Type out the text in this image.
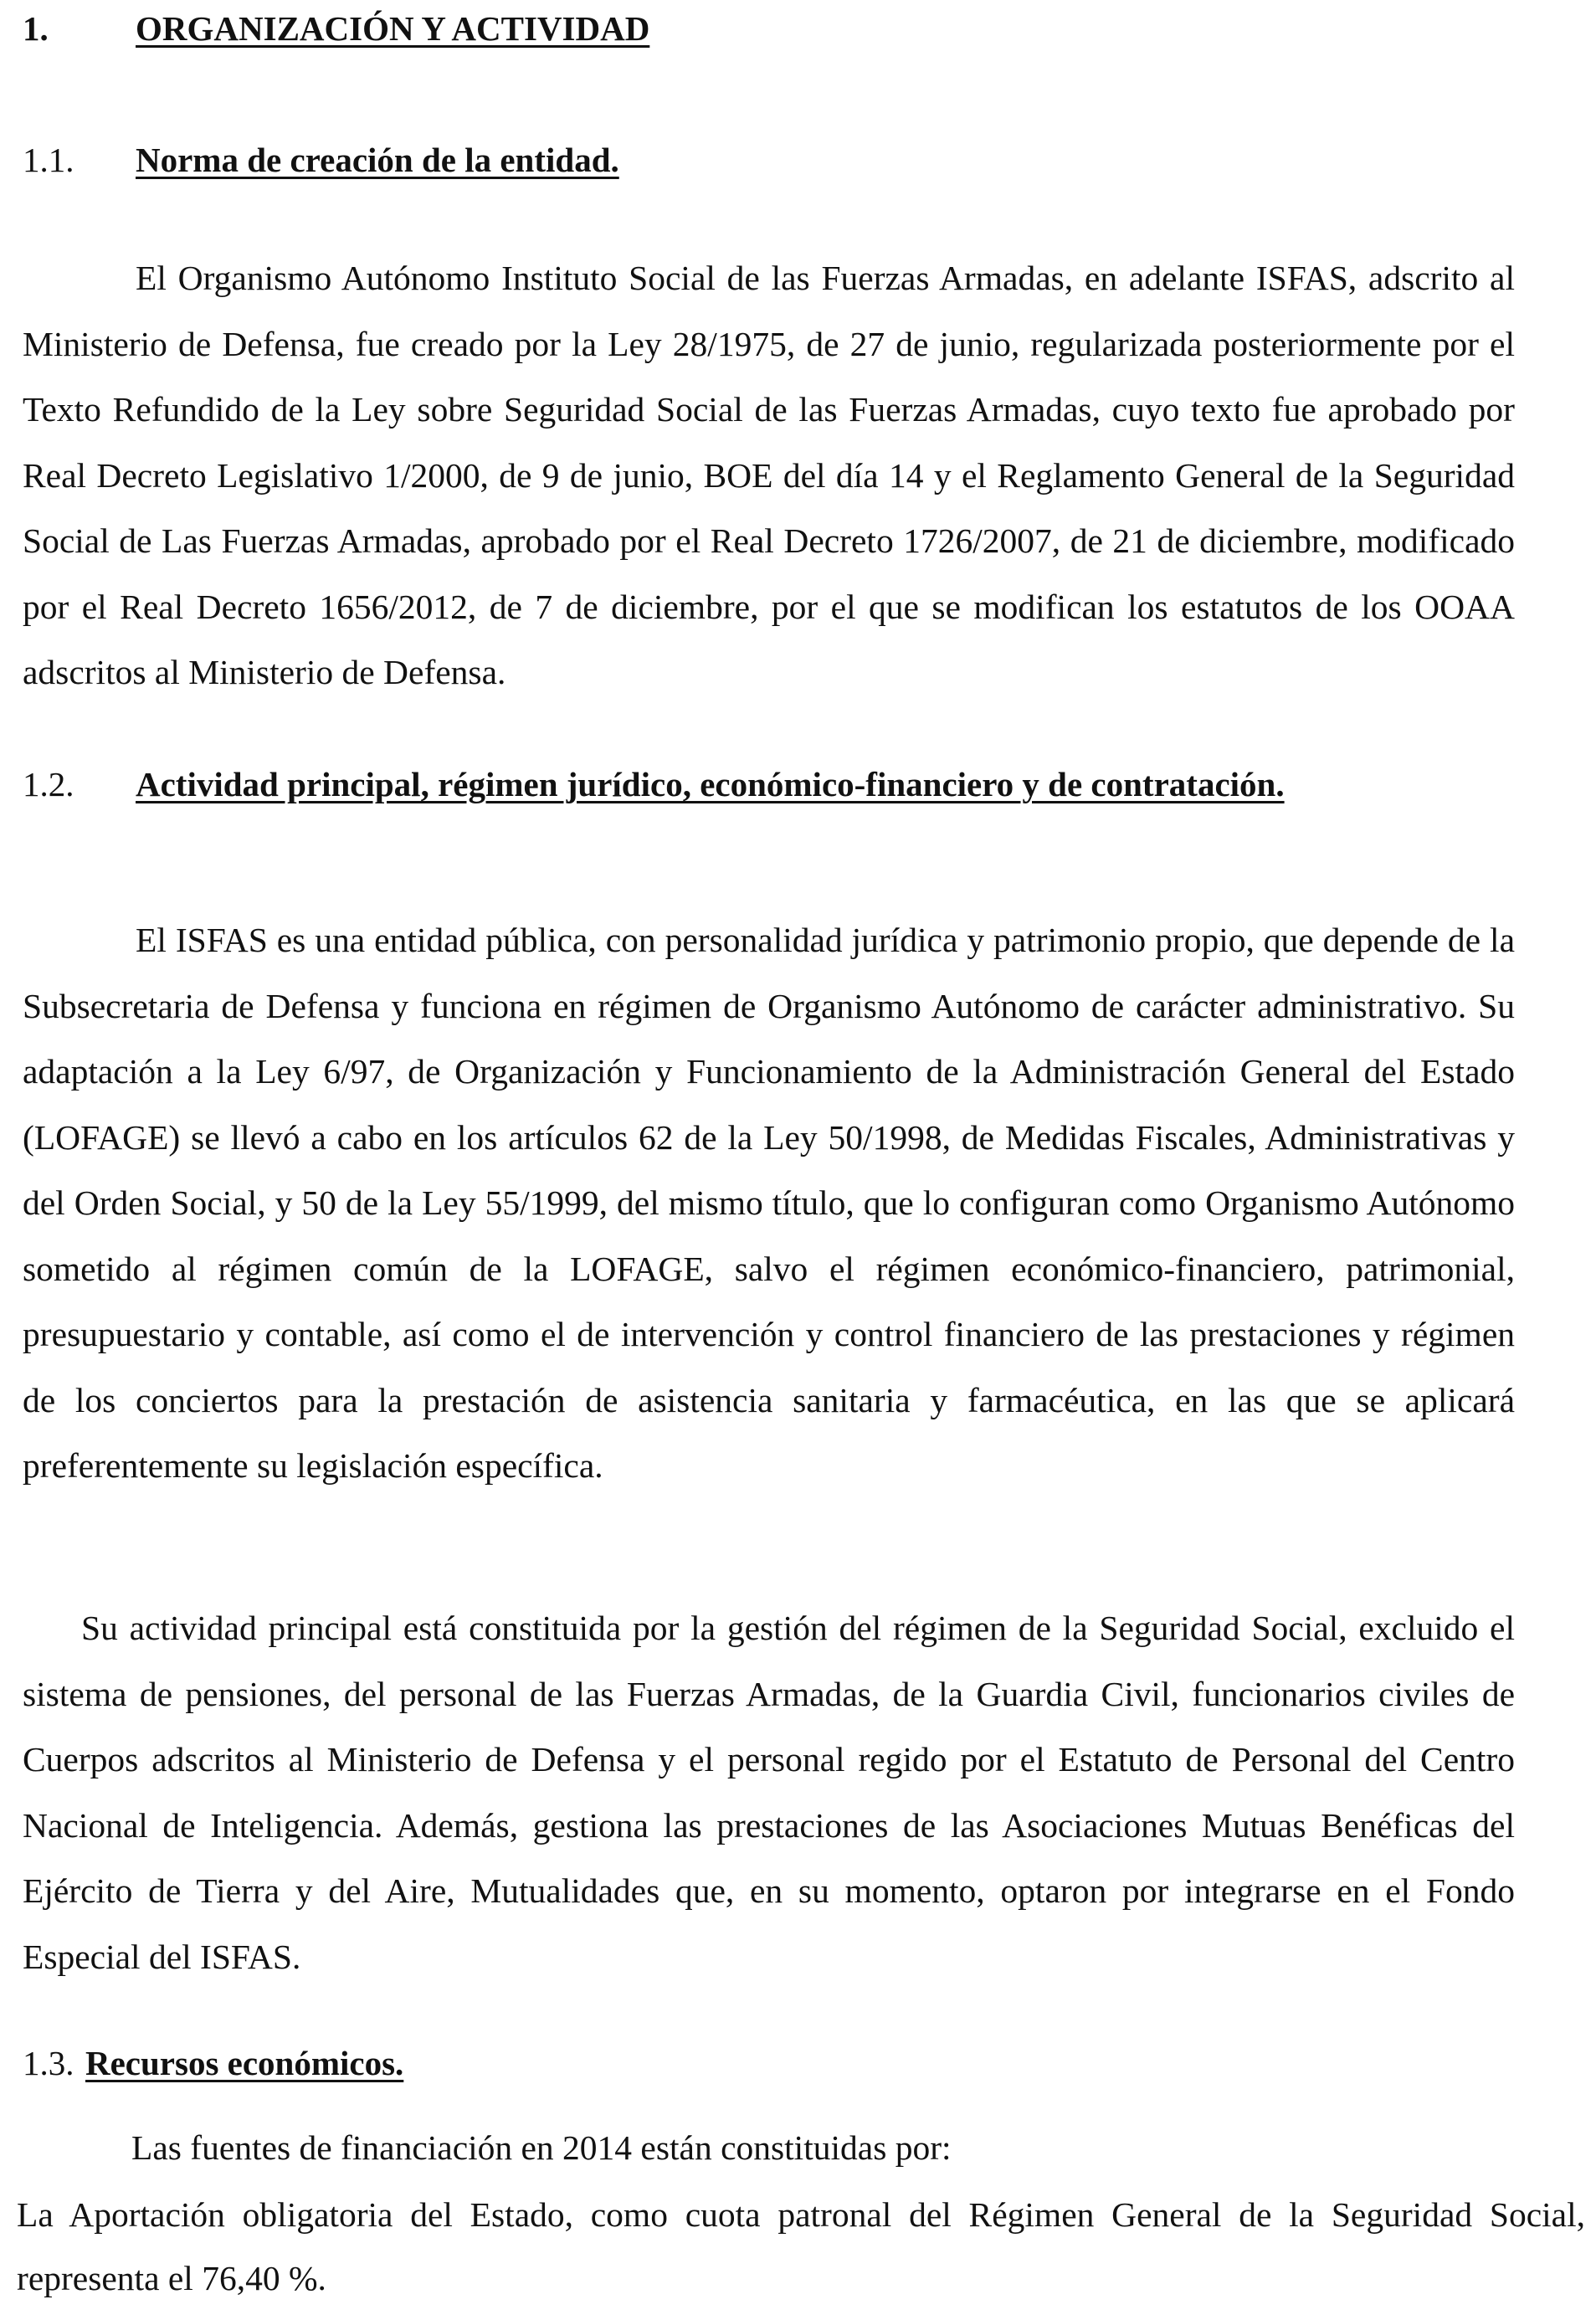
1.	ORGANIZACIÓN Y ACTIVIDAD
1.1. Norma de creación de la entidad.

El Organismo Autónomo Instituto Social de las Fuerzas Armadas, en adelante ISFAS, adscrito al Ministerio de Defensa, fue creado por la Ley 28/1975, de 27 de junio, regularizada posteriormente por el Texto Refundido de la Ley sobre Seguridad Social de las Fuerzas Armadas, cuyo texto fue aprobado por Real Decreto Legislativo 1/2000, de 9 de junio, BOE del día 14 y el Reglamento General de la Seguridad Social de Las Fuerzas Armadas, aprobado por el Real Decreto 1726/2007, de 21 de diciembre, modificado por el Real Decreto 1656/2012, de 7 de diciembre, por el que se modifican los estatutos de los OOAA adscritos al Ministerio de Defensa.

1.2. Actividad principal, régimen jurídico, económico-financiero y de contratación.

El ISFAS es una entidad pública, con personalidad jurídica y patrimonio propio, que depende de la Subsecretaria de Defensa y funciona en régimen de Organismo Autónomo de carácter administrativo. Su adaptación a la Ley 6/97, de Organización y Funcionamiento de la Administración General del Estado (LOFAGE) se llevó a cabo en los artículos 62 de la Ley 50/1998, de Medidas Fiscales, Administrativas y del Orden Social, y 50 de la Ley 55/1999, del mismo título, que lo configuran como Organismo Autónomo sometido al régimen común de la LOFAGE, salvo el régimen económico-financiero, patrimonial, presupuestario y contable, así como el de intervención y control financiero de las prestaciones y régimen de los conciertos para la prestación de asistencia sanitaria y farmacéutica, en las que se aplicará preferentemente su legislación específica.

Su actividad principal está constituida por la gestión del régimen de la Seguridad Social, excluido el sistema de pensiones, del personal de las Fuerzas Armadas, de la Guardia Civil, funcionarios civiles de Cuerpos adscritos al Ministerio de Defensa y el personal regido por el Estatuto de Personal del Centro Nacional de Inteligencia. Además, gestiona las prestaciones de las Asociaciones Mutuas Benéficas del Ejército de Tierra y del Aire, Mutualidades que, en su momento, optaron por integrarse en el Fondo Especial del ISFAS.

1.3. Recursos económicos.

Las fuentes de financiación en 2014 están constituidas por:

La Aportación obligatoria del Estado, como cuota patronal del Régimen General de la Seguridad Social, representa el 76,40 %.
